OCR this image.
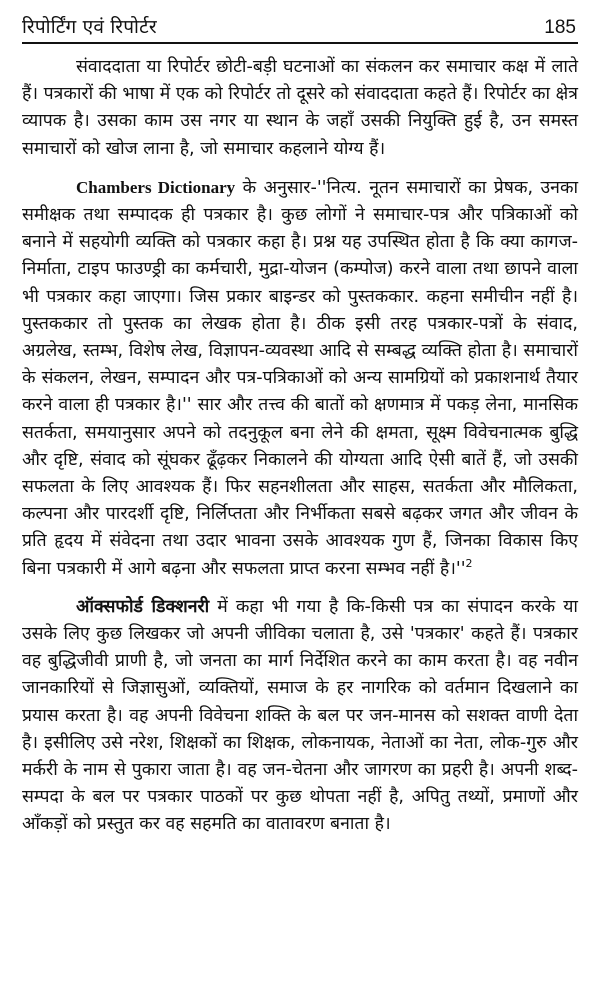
रिपोर्टिंग एवं रिपोर्टर	185

संवाददाता या रिपोर्टर छोटी-बड़ी घटनाओं का संकलन कर समाचार कक्ष में लाते हैं। पत्रकारों की भाषा में एक को रिपोर्टर तो दूसरे को संवाददाता कहते हैं। रिपोर्टर का क्षेत्र व्यापक है। उसका काम उस नगर या स्थान के जहाँ उसकी नियुक्ति हुई है, उन समस्त समाचारों को खोज लाना है, जो समाचार कहलाने योग्य हैं।

Chambers Dictionary के अनुसार-''नित्य. नूतन समाचारों का प्रेषक, उनका समीक्षक तथा सम्पादक ही पत्रकार है। कुछ लोगों ने समाचार-पत्र और पत्रिकाओं को बनाने में सहयोगी व्यक्ति को पत्रकार कहा है। प्रश्न यह उपस्थित होता है कि क्या कागज-निर्माता, टाइप फाउण्ड्री का कर्मचारी, मुद्रा-योजन (कम्पोज) करने वाला तथा छापने वाला भी पत्रकार कहा जाएगा। जिस प्रकार बाइन्डर को पुस्तककार. कहना समीचीन नहीं है। पुस्तककार तो पुस्तक का लेखक होता है। ठीक इसी तरह पत्रकार-पत्रों के संवाद, अग्रलेख, स्तम्भ, विशेष लेख, विज्ञापन-व्यवस्था आदि से सम्बद्ध व्यक्ति होता है। समाचारों के संकलन, लेखन, सम्पादन और पत्र-पत्रिकाओं को अन्य सामग्रियों को प्रकाशनार्थ तैयार करने वाला ही पत्रकार है।'' सार और तत्त्व की बातों को क्षणमात्र में पकड़ लेना, मानसिक सतर्कता, समयानुसार अपने को तदनुकूल बना लेने की क्षमता, सूक्ष्म विवेचनात्मक बुद्धि और दृष्टि, संवाद को सूंघकर ढूँढ़कर निकालने की योग्यता आदि ऐसी बातें हैं, जो उसकी सफलता के लिए आवश्यक हैं। फिर सहनशीलता और साहस, सतर्कता और मौलिकता, कल्पना और पारदर्शी दृष्टि, निर्लिप्तता और निर्भीकता सबसे बढ़कर जगत और जीवन के प्रति हृदय में संवेदना तथा उदार भावना उसके आवश्यक गुण हैं, जिनका विकास किए बिना पत्रकारी में आगे बढ़ना और सफलता प्राप्त करना सम्भव नहीं $है।''^2$

ऑक्सफोर्ड डिक्शनरी में कहा भी गया है कि-किसी पत्र का संपादन करके या उसके लिए कुछ लिखकर जो अपनी जीविका चलाता है, उसे 'पत्रकार' कहते हैं। पत्रकार वह बुद्धिजीवी प्राणी है, जो जनता का मार्ग निर्देशित करने का काम करता है। वह नवीन जानकारियों से जिज्ञासुओं, व्यक्तियों, समाज के हर नागरिक को वर्तमान दिखलाने का प्रयास करता है। वह अपनी विवेचना शक्ति के बल पर जन-मानस को सशक्त वाणी देता है। इसीलिए उसे नरेश, शिक्षकों का शिक्षक, लोकनायक, नेताओं का नेता, लोक-गुरु और मर्करी के नाम से पुकारा जाता है। वह जन-चेतना और जागरण का प्रहरी है। अपनी शब्द-सम्पदा के बल पर पत्रकार पाठकों पर कुछ थोपता नहीं है, अपितु तथ्यों, प्रमाणों और आँकड़ों को प्रस्तुत कर वह सहमति का वातावरण बनाता है।
